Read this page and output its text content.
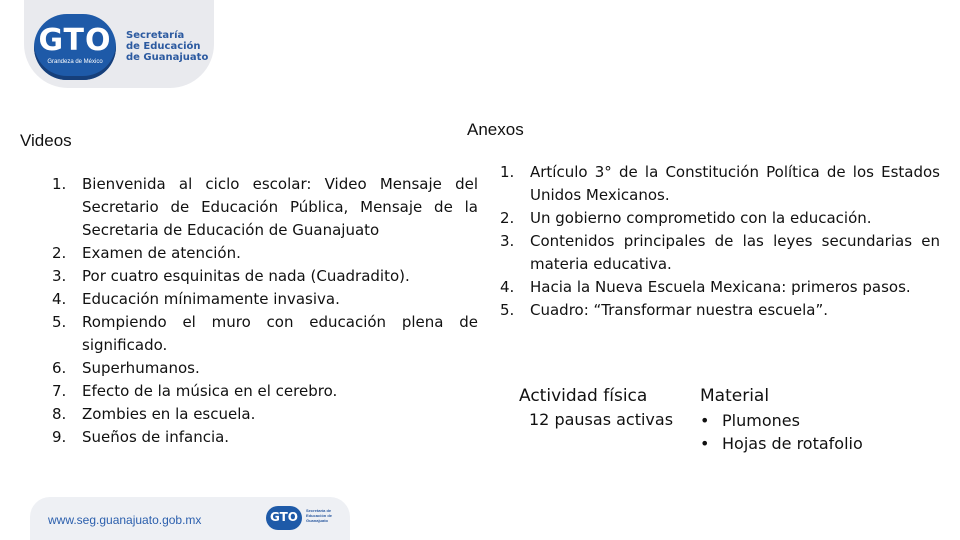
GTO
Grandeza de México
Secretaría
de Educación
de Guanajuato
Videos
Anexos
1. Bienvenida al ciclo escolar: Video Mensaje del Secretario de Educación Pública, Mensaje de la Secretaria de Educación de Guanajuato
2. Examen de atención.
3. Por cuatro esquinitas de nada (Cuadradito).
4. Educación mínimamente invasiva.
5. Rompiendo el muro con educación plena de significado.
6. Superhumanos.
7. Efecto de la música en el cerebro.
8. Zombies en la escuela.
9. Sueños de infancia.
1. Artículo 3° de la Constitución Política de los Estados Unidos Mexicanos.
2. Un gobierno comprometido con la educación.
3. Contenidos principales de las leyes secundarias en materia educativa.
4. Hacia la Nueva Escuela Mexicana: primeros pasos.
5. Cuadro: “Transformar nuestra escuela”.
Actividad física
12 pausas activas
Material
• Plumones
• Hojas de rotafolio
www.seg.guanajuato.gob.mx	GTO	Secretaría de Educación de Guanajuato
